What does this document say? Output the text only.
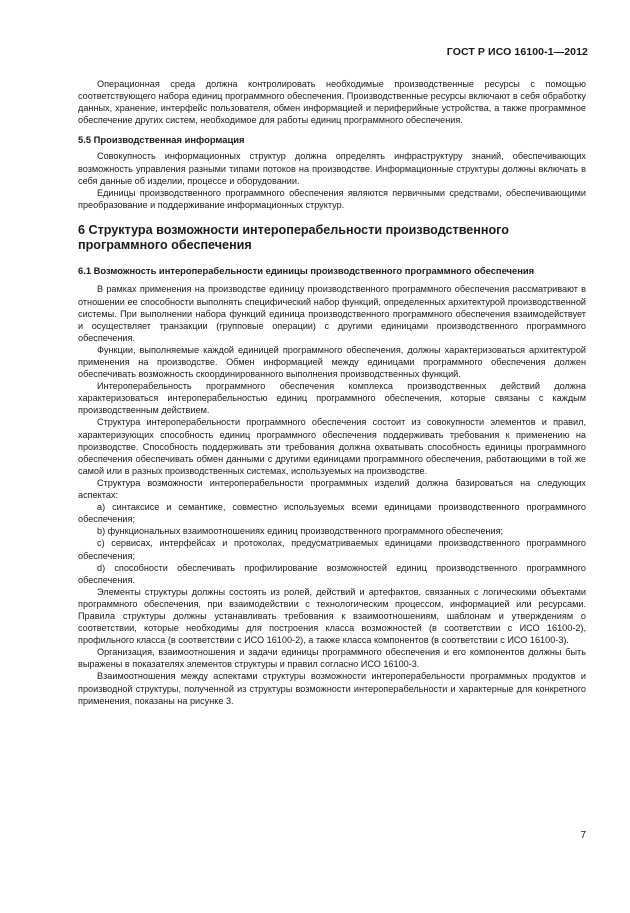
ГОСТ Р ИСО 16100-1—2012

Операционная среда должна контролировать необходимые производственные ресурсы с помощью соответствующего набора единиц программного обеспечения. Производственные ресурсы включают в себя обработку данных, хранение, интерфейс пользователя, обмен информацией и периферийные устройства, а также программное обеспечение других систем, необходимое для работы единиц программного обеспечения.

5.5 Производственная информация

Совокупность информационных структур должна определять инфраструктуру знаний, обеспечивающих возможность управления разными типами потоков на производстве. Информационные структуры должны включать в себя данные об изделии, процессе и оборудовании.

Единицы производственного программного обеспечения являются первичными средствами, обеспечивающими преобразование и поддерживание информационных структур.

6 Структура возможности интероперабельности производственного программного обеспечения
6.1 Возможность интероперабельности единицы производственного программного обеспечения

В рамках применения на производстве единицу производственного программного обеспечения рассматривают в отношении ее способности выполнять специфический набор функций, определенных архитектурой производственной системы. При выполнении набора функций единица производственного программного обеспечения взаимодействует и осуществляет транзакции (групповые операции) с другими единицами производственного программного обеспечения.

Функции, выполняемые каждой единицей программного обеспечения, должны характеризоваться архитектурой применения на производстве. Обмен информацией между единицами программного обеспечения должен обеспечивать возможность скоординированного выполнения производственных функций.

Интероперабельность программного обеспечения комплекса производственных действий должна характеризоваться интероперабельностью единиц программного обеспечения, которые связаны с каждым производственным действием.

Структура интероперабельности программного обеспечения состоит из совокупности элементов и правил, характеризующих способность единиц программного обеспечения поддерживать требования к применению на производстве. Способность поддерживать эти требования должна охватывать способность единицы программного обеспечения обеспечивать обмен данными с другими единицами программного обеспечения, работающими в той же самой или в разных производственных системах, используемых на производстве.

Структура возможности интероперабельности программных изделий должна базироваться на следующих аспектах:

а) синтаксисе и семантике, совместно используемых всеми единицами производственного программного обеспечения;

b) функциональных взаимоотношениях единиц производственного программного обеспечения;

с) сервисах, интерфейсах и протоколах, предусматриваемых единицами производственного программного обеспечения;

d) способности обеспечивать профилирование возможностей единиц производственного программного обеспечения.

Элементы структуры должны состоять из ролей, действий и артефактов, связанных с логическими объектами программного обеспечения, при взаимодействии с технологическим процессом, информацией или ресурсами. Правила структуры должны устанавливать требования к взаимоотношениям, шаблонам и утверждениям о соответствии, которые необходимы для построения класса возможностей (в соответствии с ИСО 16100-2), профильного класса (в соответствии с ИСО 16100-2), а также класса компонентов (в соответствии с ИСО 16100-3).

Организация, взаимоотношения и задачи единицы программного обеспечения и его компонентов должны быть выражены в показателях элементов структуры и правил согласно ИСО 16100-3.

Взаимоотношения между аспектами структуры возможности интероперабельности программных продуктов и производной структуры, полученной из структуры возможности интероперабельности и характерные для конкретного применения, показаны на рисунке 3.

7
